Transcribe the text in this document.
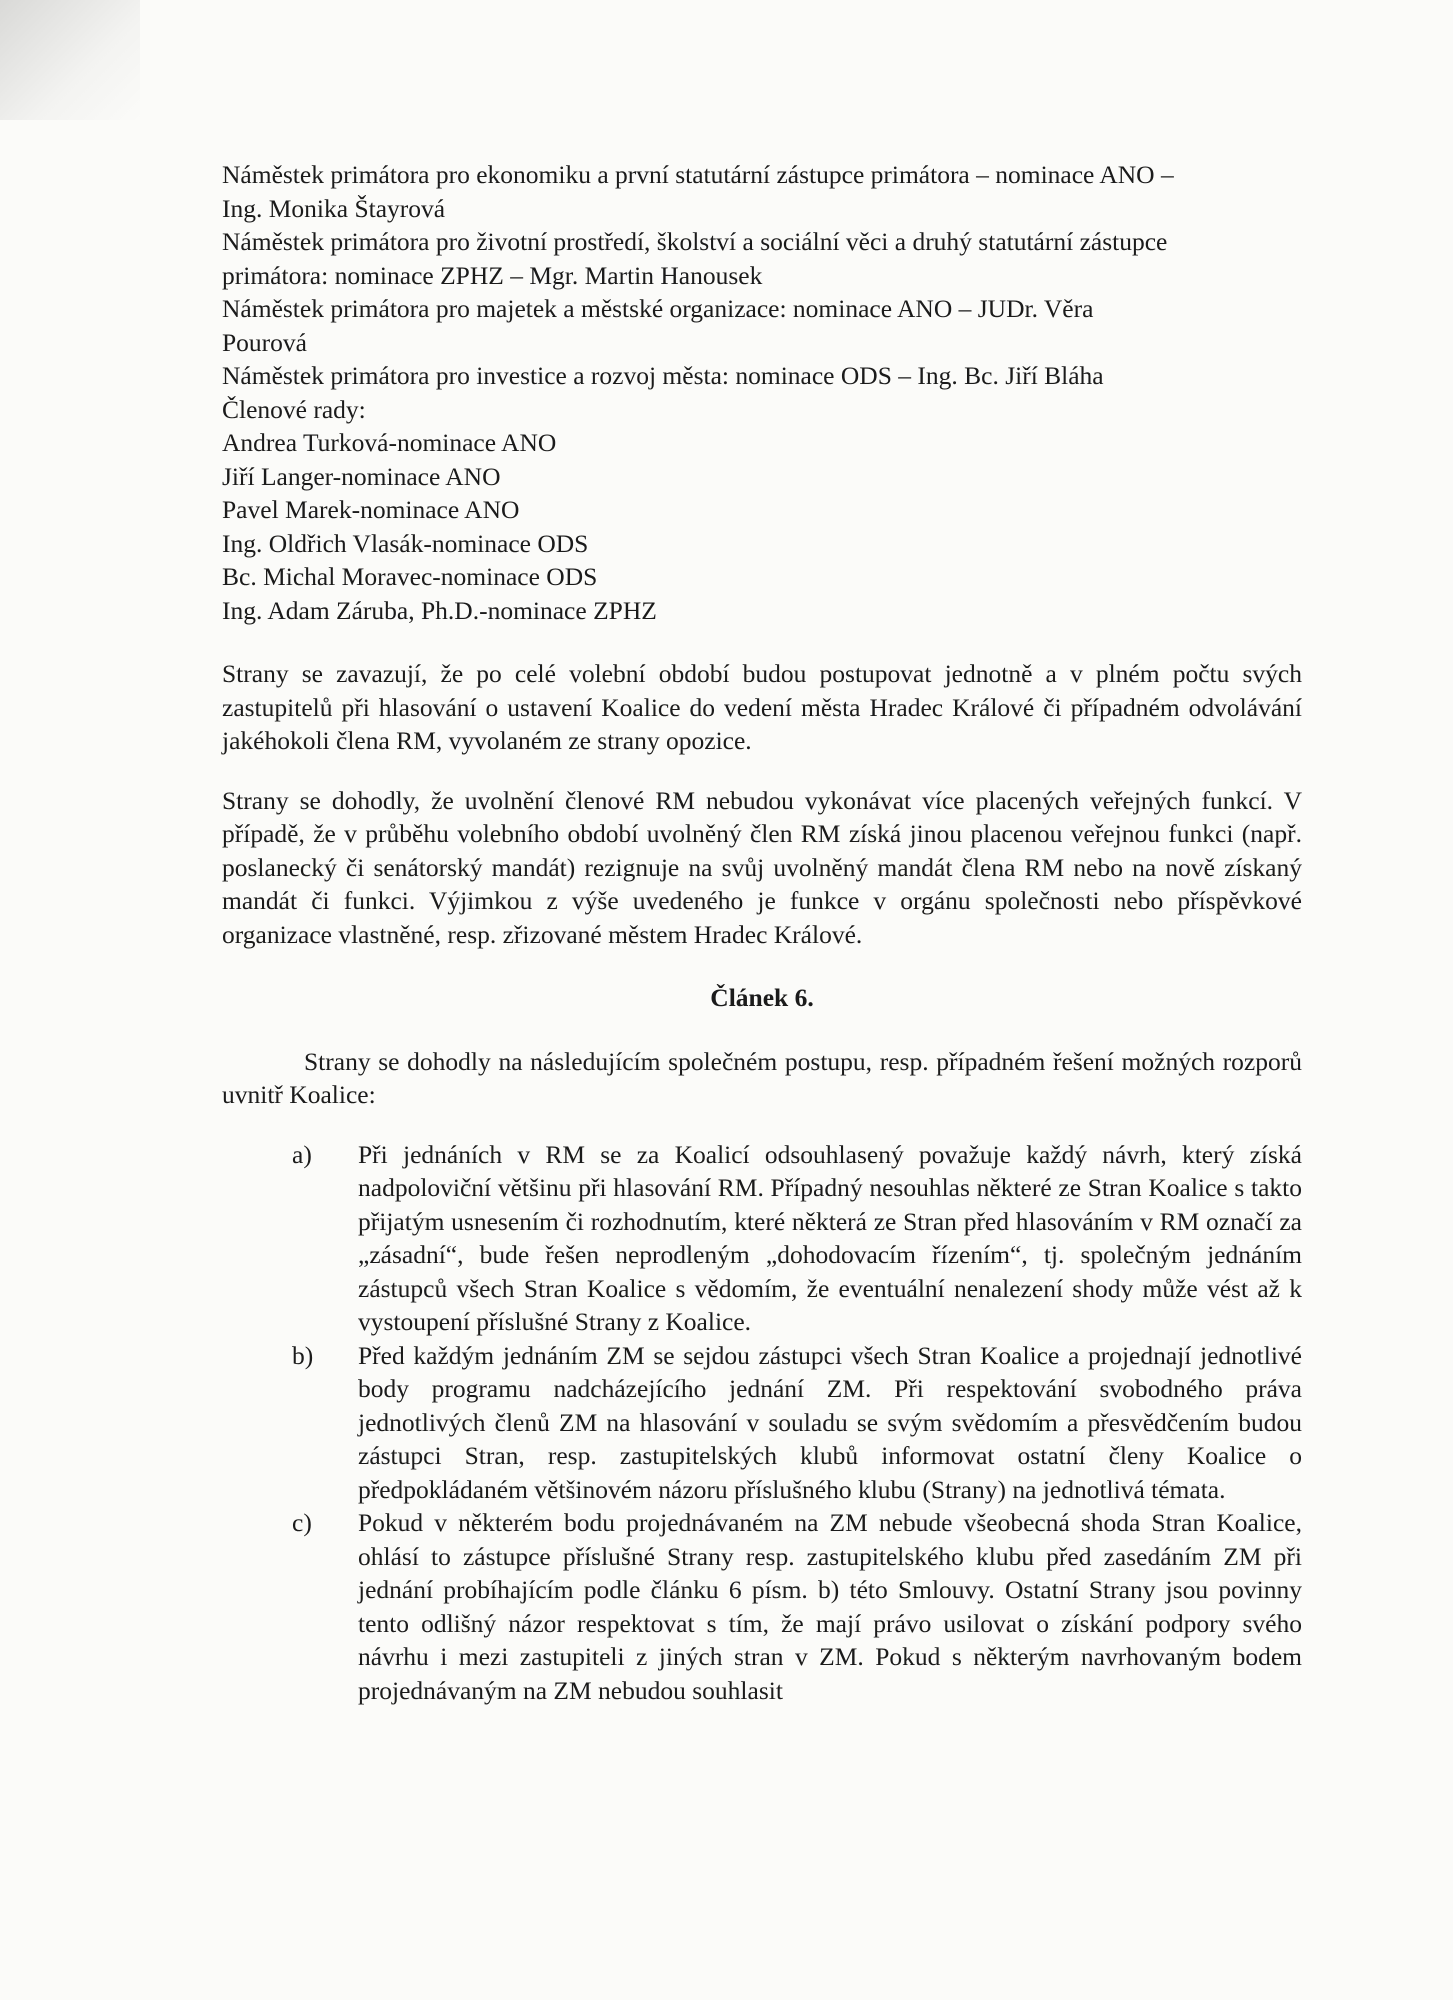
Náměstek primátora pro ekonomiku a první statutární zástupce primátora – nominace ANO –

Ing. Monika Štayrová

Náměstek primátora pro životní prostředí, školství a sociální věci a druhý statutární zástupce

primátora: nominace ZPHZ – Mgr. Martin Hanousek

Náměstek primátora pro majetek a městské organizace: nominace ANO – JUDr. Věra

Pourová

Náměstek primátora pro investice a rozvoj města: nominace ODS – Ing. Bc. Jiří Bláha

Členové rady:

Andrea Turková-nominace ANO

Jiří Langer-nominace ANO

Pavel Marek-nominace ANO

Ing. Oldřich Vlasák-nominace ODS

Bc. Michal Moravec-nominace ODS

Ing. Adam Záruba, Ph.D.-nominace ZPHZ

Strany se zavazují, že po celé volební období budou postupovat jednotně a v plném počtu svých zastupitelů při hlasování o ustavení Koalice do vedení města Hradec Králové či případném odvolávání jakéhokoli člena RM, vyvolaném ze strany opozice.

Strany se dohodly, že uvolnění členové RM nebudou vykonávat více placených veřejných funkcí. V případě, že v průběhu volebního období uvolněný člen RM získá jinou placenou veřejnou funkci (např. poslanecký či senátorský mandát) rezignuje na svůj uvolněný mandát člena RM nebo na nově získaný mandát či funkci. Výjimkou z výše uvedeného je funkce v orgánu společnosti nebo příspěvkové organizace vlastněné, resp. zřizované městem Hradec Králové.

Článek 6.

Strany se dohodly na následujícím společném postupu, resp. případném řešení možných rozporů uvnitř Koalice:

a)	Při jednáních v RM se za Koalicí odsouhlasený považuje každý návrh, který získá nadpoloviční většinu při hlasování RM. Případný nesouhlas některé ze Stran Koalice s takto přijatým usnesením či rozhodnutím, které některá ze Stran před hlasováním v RM označí za „zásadní“, bude řešen neprodleným „dohodovacím řízením“, tj. společným jednáním zástupců všech Stran Koalice s vědomím, že eventuální nenalezení shody může vést až k vystoupení příslušné Strany z Koalice.
b)	Před každým jednáním ZM se sejdou zástupci všech Stran Koalice a projednají jednotlivé body programu nadcházejícího jednání ZM. Při respektování svobodného práva jednotlivých členů ZM na hlasování v souladu se svým svědomím a přesvědčením budou zástupci Stran, resp. zastupitelských klubů informovat ostatní členy Koalice o předpokládaném většinovém názoru příslušného klubu (Strany) na jednotlivá témata.
c)	Pokud v některém bodu projednávaném na ZM nebude všeobecná shoda Stran Koalice, ohlásí to zástupce příslušné Strany resp. zastupitelského klubu před zasedáním ZM při jednání probíhajícím podle článku 6 písm. b) této Smlouvy. Ostatní Strany jsou povinny tento odlišný názor respektovat s tím, že mají právo usilovat o získání podpory svého návrhu i mezi zastupiteli z jiných stran v ZM. Pokud s některým navrhovaným bodem projednávaným na ZM nebudou souhlasit
